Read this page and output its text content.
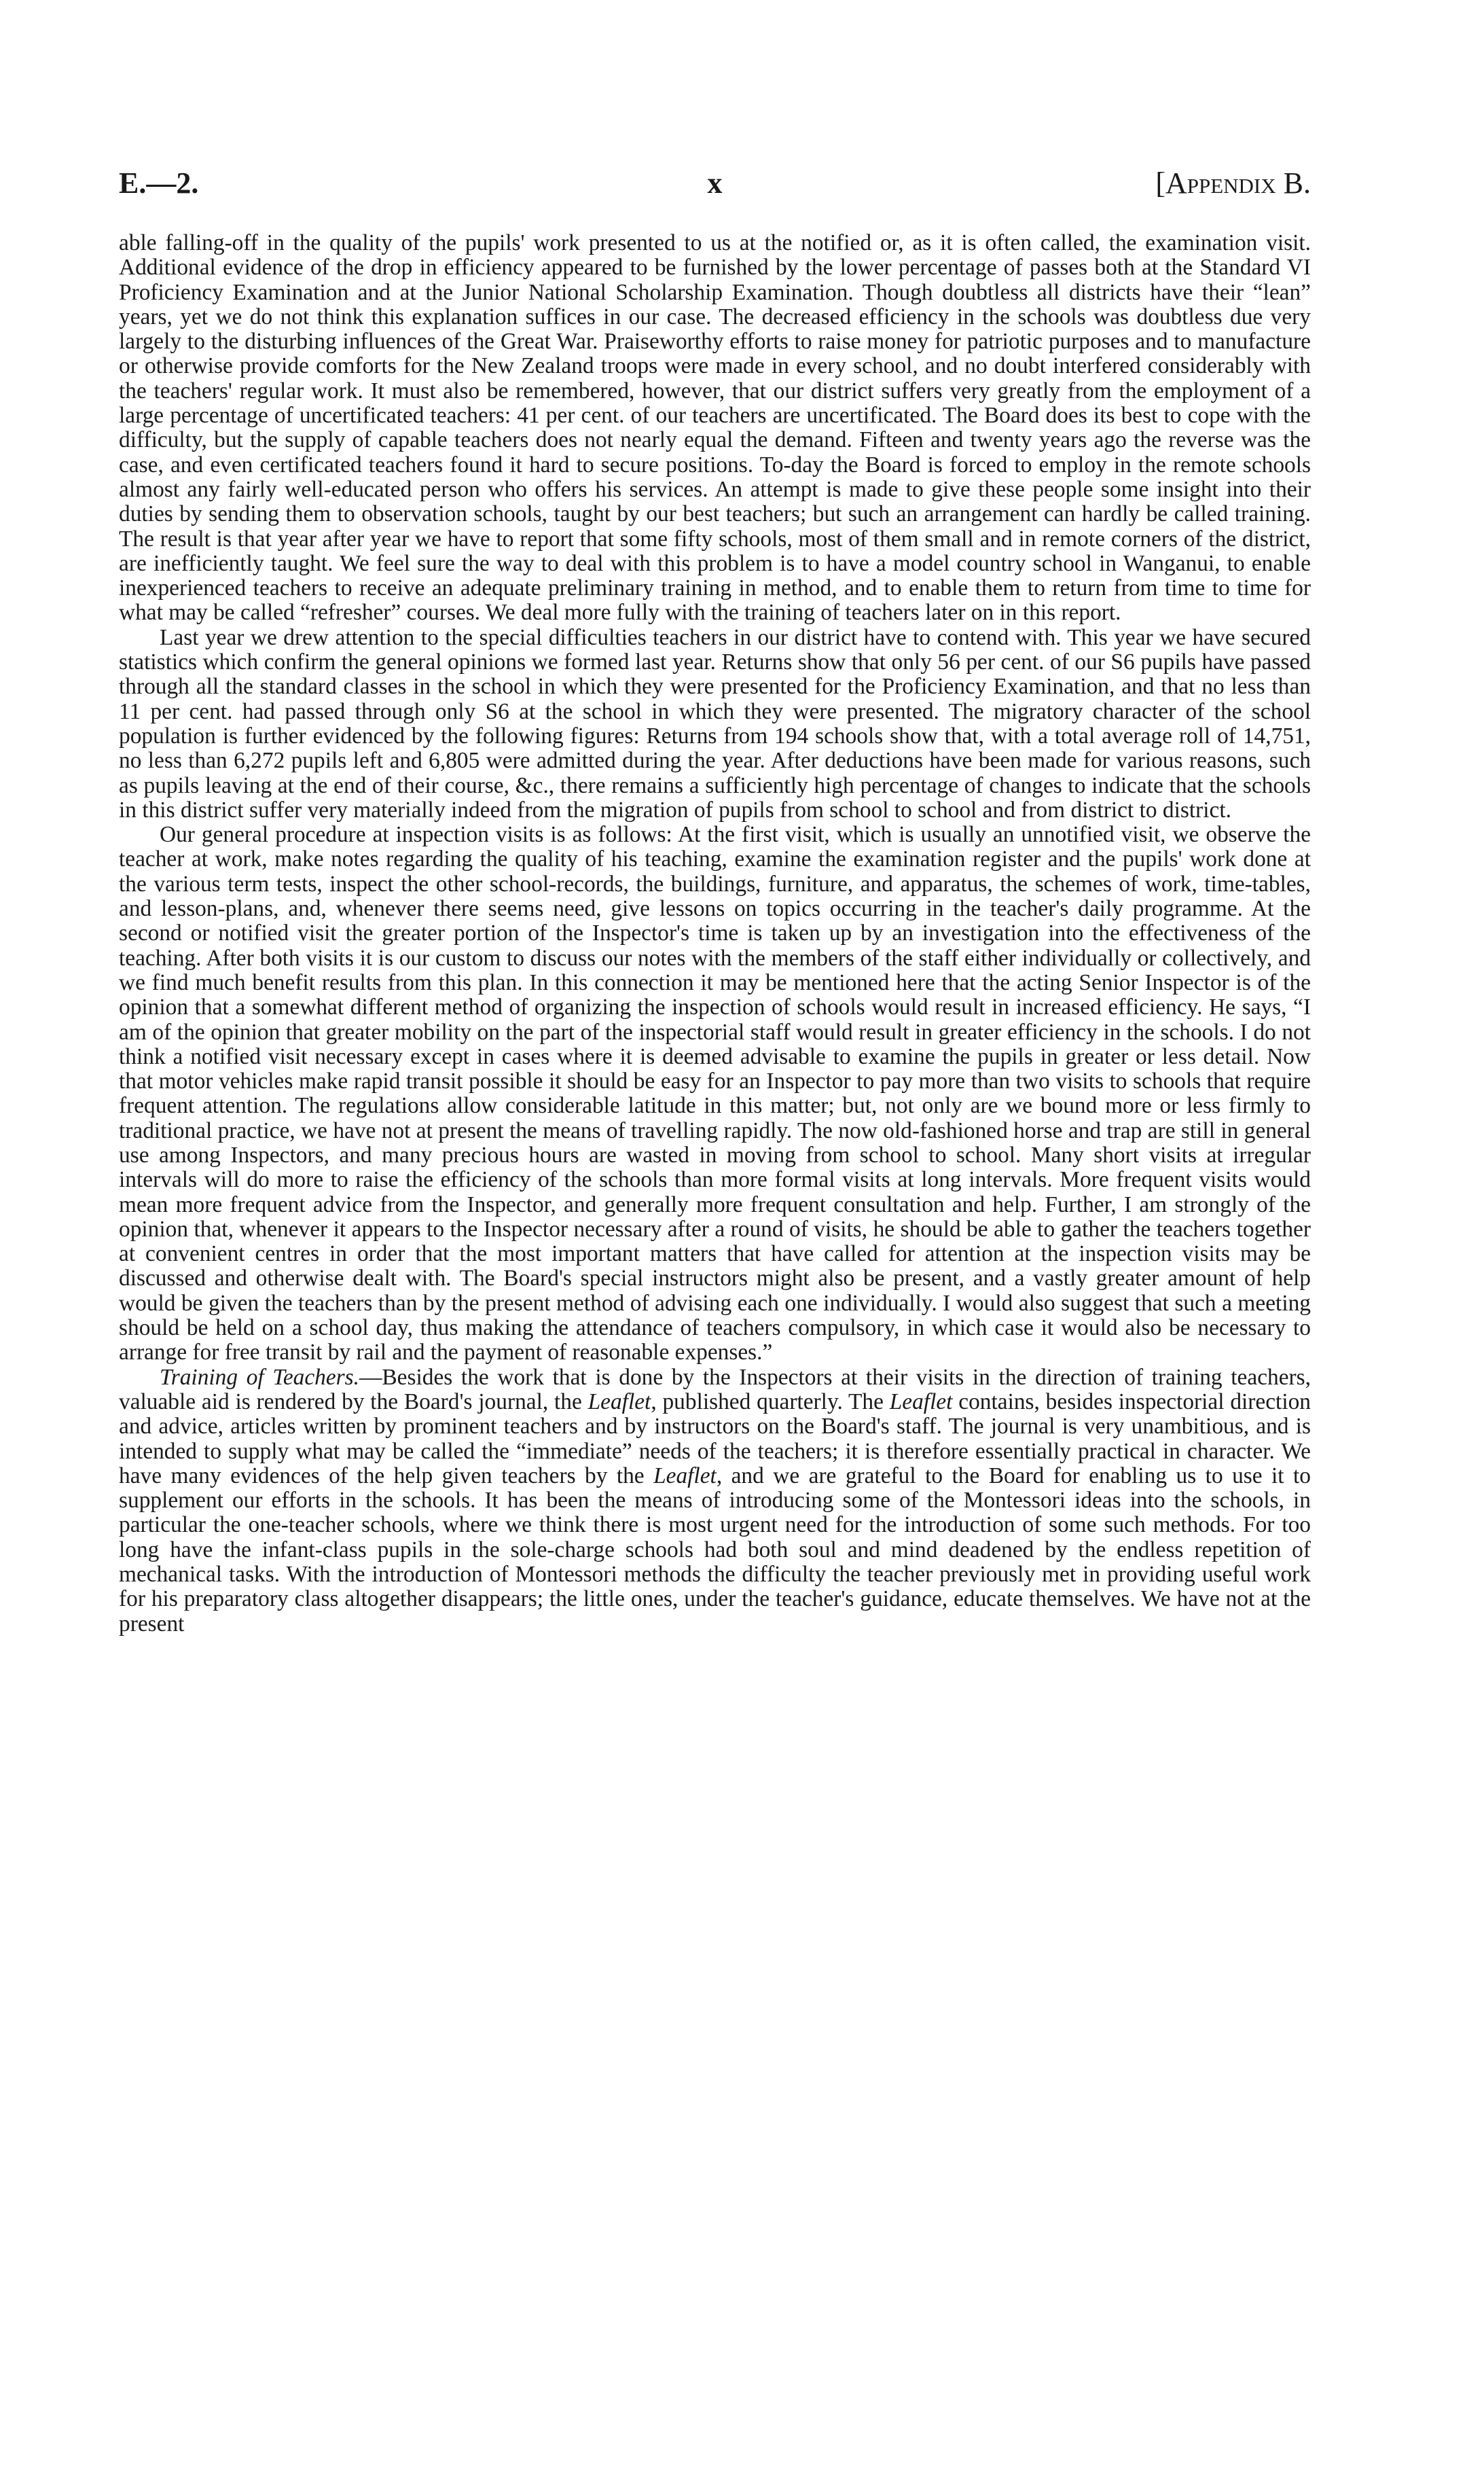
E.—2.	x	[Appendix B.

able falling-off in the quality of the pupils' work presented to us at the notified or, as it is often called, the examination visit. Additional evidence of the drop in efficiency appeared to be furnished by the lower percentage of passes both at the Standard VI Proficiency Examination and at the Junior National Scholarship Examination. Though doubtless all districts have their “lean” years, yet we do not think this explanation suffices in our case. The decreased efficiency in the schools was doubtless due very largely to the disturbing influences of the Great War. Praiseworthy efforts to raise money for patriotic purposes and to manufacture or otherwise provide comforts for the New Zealand troops were made in every school, and no doubt interfered considerably with the teachers' regular work. It must also be remembered, however, that our district suffers very greatly from the employment of a large percentage of uncertificated teachers: 41 per cent. of our teachers are uncertificated. The Board does its best to cope with the difficulty, but the supply of capable teachers does not nearly equal the demand. Fifteen and twenty years ago the reverse was the case, and even certificated teachers found it hard to secure positions. To-day the Board is forced to employ in the remote schools almost any fairly well-educated person who offers his services. An attempt is made to give these people some insight into their duties by sending them to observation schools, taught by our best teachers; but such an arrangement can hardly be called training. The result is that year after year we have to report that some fifty schools, most of them small and in remote corners of the district, are inefficiently taught. We feel sure the way to deal with this problem is to have a model country school in Wanganui, to enable inexperienced teachers to receive an adequate preliminary training in method, and to enable them to return from time to time for what may be called “refresher” courses. We deal more fully with the training of teachers later on in this report.

Last year we drew attention to the special difficulties teachers in our district have to contend with. This year we have secured statistics which confirm the general opinions we formed last year. Returns show that only 56 per cent. of our S6 pupils have passed through all the standard classes in the school in which they were presented for the Proficiency Examination, and that no less than 11 per cent. had passed through only S6 at the school in which they were presented. The migratory character of the school population is further evidenced by the following figures: Returns from 194 schools show that, with a total average roll of 14,751, no less than 6,272 pupils left and 6,805 were admitted during the year. After deductions have been made for various reasons, such as pupils leaving at the end of their course, &c., there remains a sufficiently high percentage of changes to indicate that the schools in this district suffer very materially indeed from the migration of pupils from school to school and from district to district.

Our general procedure at inspection visits is as follows: At the first visit, which is usually an unnotified visit, we observe the teacher at work, make notes regarding the quality of his teaching, examine the examination register and the pupils' work done at the various term tests, inspect the other school-records, the buildings, furniture, and apparatus, the schemes of work, time-tables, and lesson-plans, and, whenever there seems need, give lessons on topics occurring in the teacher's daily programme. At the second or notified visit the greater portion of the Inspector's time is taken up by an investigation into the effectiveness of the teaching. After both visits it is our custom to discuss our notes with the members of the staff either individually or collectively, and we find much benefit results from this plan. In this connection it may be mentioned here that the acting Senior Inspector is of the opinion that a somewhat different method of organizing the inspection of schools would result in increased efficiency. He says, “I am of the opinion that greater mobility on the part of the inspectorial staff would result in greater efficiency in the schools. I do not think a notified visit necessary except in cases where it is deemed advisable to examine the pupils in greater or less detail. Now that motor vehicles make rapid transit possible it should be easy for an Inspector to pay more than two visits to schools that require frequent attention. The regulations allow considerable latitude in this matter; but, not only are we bound more or less firmly to traditional practice, we have not at present the means of travelling rapidly. The now old-fashioned horse and trap are still in general use among Inspectors, and many precious hours are wasted in moving from school to school. Many short visits at irregular intervals will do more to raise the efficiency of the schools than more formal visits at long intervals. More frequent visits would mean more frequent advice from the Inspector, and generally more frequent consultation and help. Further, I am strongly of the opinion that, whenever it appears to the Inspector necessary after a round of visits, he should be able to gather the teachers together at convenient centres in order that the most important matters that have called for attention at the inspection visits may be discussed and otherwise dealt with. The Board's special instructors might also be present, and a vastly greater amount of help would be given the teachers than by the present method of advising each one individually. I would also suggest that such a meeting should be held on a school day, thus making the attendance of teachers compulsory, in which case it would also be necessary to arrange for free transit by rail and the payment of reasonable expenses.”

Training of Teachers.—Besides the work that is done by the Inspectors at their visits in the direction of training teachers, valuable aid is rendered by the Board's journal, the Leaflet, published quarterly. The Leaflet contains, besides inspectorial direction and advice, articles written by prominent teachers and by instructors on the Board's staff. The journal is very unambitious, and is intended to supply what may be called the “immediate” needs of the teachers; it is therefore essentially practical in character. We have many evidences of the help given teachers by the Leaflet, and we are grateful to the Board for enabling us to use it to supplement our efforts in the schools. It has been the means of introducing some of the Montessori ideas into the schools, in particular the one-teacher schools, where we think there is most urgent need for the introduction of some such methods. For too long have the infant-class pupils in the sole-charge schools had both soul and mind deadened by the endless repetition of mechanical tasks. With the introduction of Montessori methods the difficulty the teacher previously met in providing useful work for his preparatory class altogether disappears; the little ones, under the teacher's guidance, educate themselves. We have not at the present
